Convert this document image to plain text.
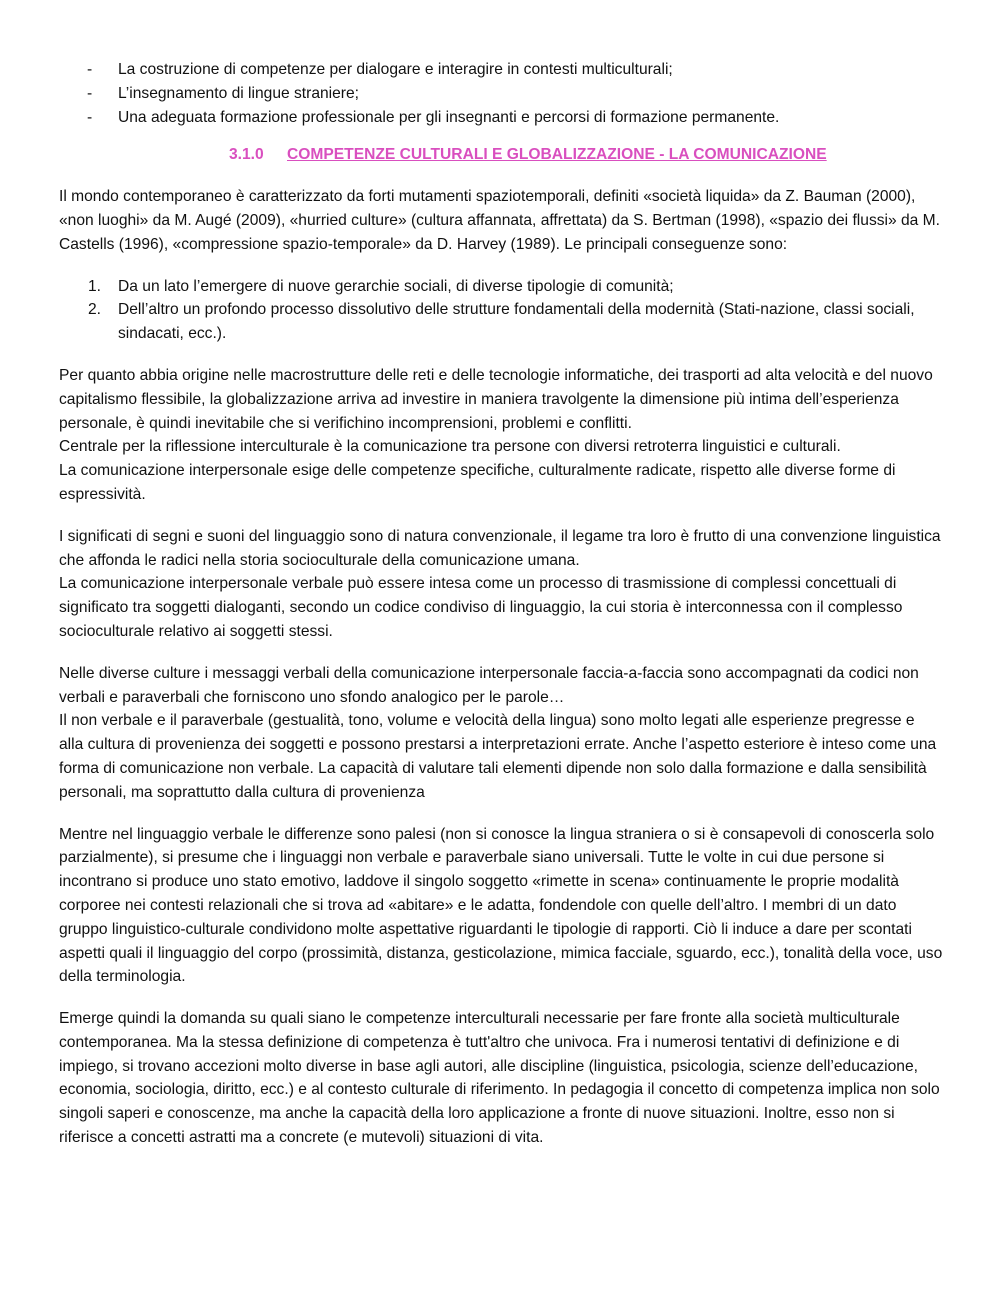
- La costruzione di competenze per dialogare e interagire in contesti multiculturali;
- L’insegnamento di lingue straniere;
- Una adeguata formazione professionale per gli insegnanti e percorsi di formazione permanente.
3.1.0 COMPETENZE CULTURALI E GLOBALIZZAZIONE - LA COMUNICAZIONE

Il mondo contemporaneo è caratterizzato da forti mutamenti spaziotemporali, definiti «società liquida» da Z. Bauman (2000), «non luoghi» da M. Augé (2009), «hurried culture» (cultura affannata, affrettata) da S. Bertman (1998), «spazio dei flussi» da M. Castells (1996), «compressione spazio-temporale» da D. Harvey (1989). Le principali conseguenze sono:

1. Da un lato l’emergere di nuove gerarchie sociali, di diverse tipologie di comunità;
2. Dell’altro un profondo processo dissolutivo delle strutture fondamentali della modernità (Stati-nazione, classi sociali, sindacati, ecc.).

Per quanto abbia origine nelle macrostrutture delle reti e delle tecnologie informatiche, dei trasporti ad alta velocità e del nuovo capitalismo flessibile, la globalizzazione arriva ad investire in maniera travolgente la dimensione più intima dell’esperienza personale, è quindi inevitabile che si verifichino incomprensioni, problemi e conflitti.

Centrale per la riflessione interculturale è la comunicazione tra persone con diversi retroterra linguistici e culturali.

La comunicazione interpersonale esige delle competenze specifiche, culturalmente radicate, rispetto alle diverse forme di espressività.

I significati di segni e suoni del linguaggio sono di natura convenzionale, il legame tra loro è frutto di una convenzione linguistica che affonda le radici nella storia socioculturale della comunicazione umana.

La comunicazione interpersonale verbale può essere intesa come un processo di trasmissione di complessi concettuali di significato tra soggetti dialoganti, secondo un codice condiviso di linguaggio, la cui storia è interconnessa con il complesso socioculturale relativo ai soggetti stessi.

Nelle diverse culture i messaggi verbali della comunicazione interpersonale faccia-a-faccia sono accompagnati da codici non verbali e paraverbali che forniscono uno sfondo analogico per le parole…

Il non verbale e il paraverbale (gestualità, tono, volume e velocità della lingua) sono molto legati alle esperienze pregresse e alla cultura di provenienza dei soggetti e possono prestarsi a interpretazioni errate. Anche l’aspetto esteriore è inteso come una forma di comunicazione non verbale. La capacità di valutare tali elementi dipende non solo dalla formazione e dalla sensibilità personali, ma soprattutto dalla cultura di provenienza

Mentre nel linguaggio verbale le differenze sono palesi (non si conosce la lingua straniera o si è consapevoli di conoscerla solo parzialmente), si presume che i linguaggi non verbale e paraverbale siano universali. Tutte le volte in cui due persone si incontrano si produce uno stato emotivo, laddove il singolo soggetto «rimette in scena» continuamente le proprie modalità corporee nei contesti relazionali che si trova ad «abitare» e le adatta, fondendole con quelle dell’altro. I membri di un dato gruppo linguistico-culturale condividono molte aspettative riguardanti le tipologie di rapporti. Ciò li induce a dare per scontati aspetti quali il linguaggio del corpo (prossimità, distanza, gesticolazione, mimica facciale, sguardo, ecc.), tonalità della voce, uso della terminologia.

Emerge quindi la domanda su quali siano le competenze interculturali necessarie per fare fronte alla società multiculturale contemporanea. Ma la stessa definizione di competenza è tutt'altro che univoca. Fra i numerosi tentativi di definizione e di impiego, si trovano accezioni molto diverse in base agli autori, alle discipline (linguistica, psicologia, scienze dell’educazione, economia, sociologia, diritto, ecc.) e al contesto culturale di riferimento. In pedagogia il concetto di competenza implica non solo singoli saperi e conoscenze, ma anche la capacità della loro applicazione a fronte di nuove situazioni. Inoltre, esso non si riferisce a concetti astratti ma a concrete (e mutevoli) situazioni di vita.
